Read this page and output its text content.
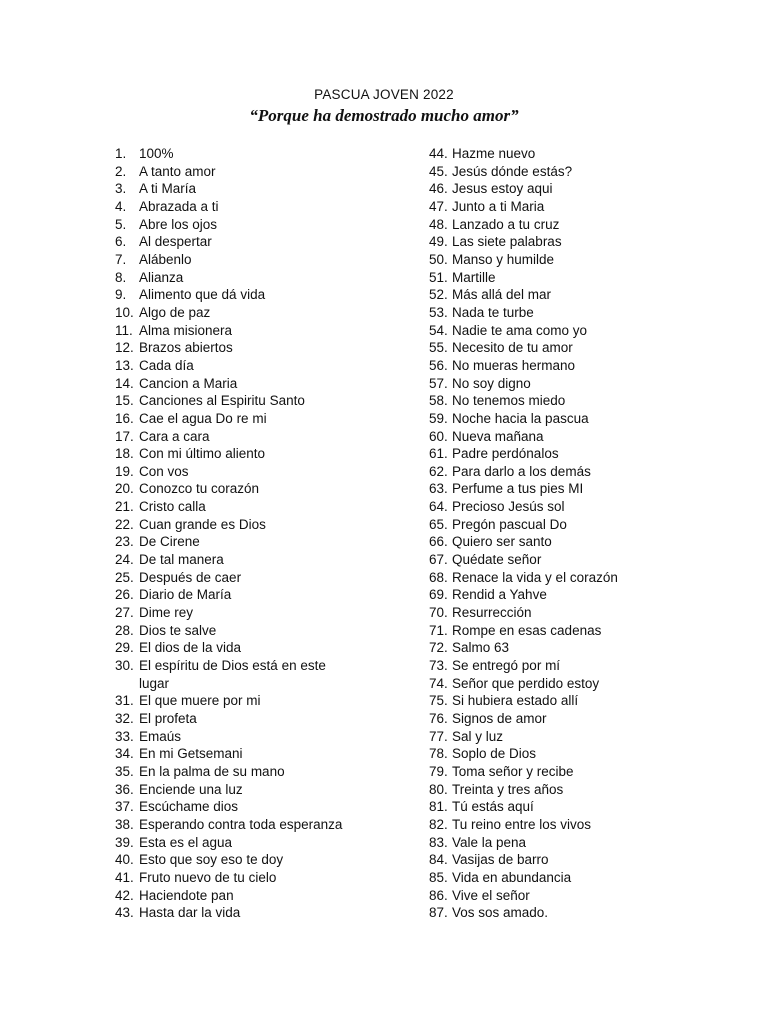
PASCUA JOVEN 2022
“Porque ha demostrado mucho amor”
1. 100%
2. A tanto amor
3. A ti María
4. Abrazada a ti
5. Abre los ojos
6. Al despertar
7. Alábenlo
8. Alianza
9. Alimento que dá vida
10. Algo de paz
11. Alma misionera
12. Brazos abiertos
13. Cada día
14. Cancion a Maria
15. Canciones al Espiritu Santo
16. Cae el agua Do re mi
17. Cara a cara
18. Con mi último aliento
19. Con vos
20. Conozco tu corazón
21. Cristo calla
22. Cuan grande es Dios
23. De Cirene
24. De tal manera
25. Después de caer
26. Diario de María
27. Dime rey
28. Dios te salve
29. El dios de la vida
30. El espíritu de Dios está en este lugar
31. El que muere por mi
32. El profeta
33. Emaús
34. En mi Getsemani
35. En la palma de su mano
36. Enciende una luz
37. Escúchame dios
38. Esperando contra toda esperanza
39. Esta es el agua
40. Esto que soy eso te doy
41. Fruto nuevo de tu cielo
42. Haciendote pan
43. Hasta dar la vida
44. Hazme nuevo
45. Jesús dónde estás?
46. Jesus estoy aqui
47. Junto a ti Maria
48. Lanzado a tu cruz
49. Las siete palabras
50. Manso y humilde
51. Martille
52. Más allá del mar
53. Nada te turbe
54. Nadie te ama como yo
55. Necesito de tu amor
56. No mueras hermano
57. No soy digno
58. No tenemos miedo
59. Noche hacia la pascua
60. Nueva mañana
61. Padre perdónalos
62. Para darlo a los demás
63. Perfume a tus pies MI
64. Precioso Jesús sol
65. Pregón pascual Do
66. Quiero ser santo
67. Quédate señor
68. Renace la vida y el corazón
69. Rendid a Yahve
70. Resurrección
71. Rompe en esas cadenas
72. Salmo 63
73. Se entregó por mí
74. Señor que perdido estoy
75. Si hubiera estado allí
76. Signos de amor
77. Sal y luz
78. Soplo de Dios
79. Toma señor y recibe
80. Treinta y tres años
81. Tú estás aquí
82. Tu reino entre los vivos
83. Vale la pena
84. Vasijas de barro
85. Vida en abundancia
86. Vive el señor
87. Vos sos amado.
